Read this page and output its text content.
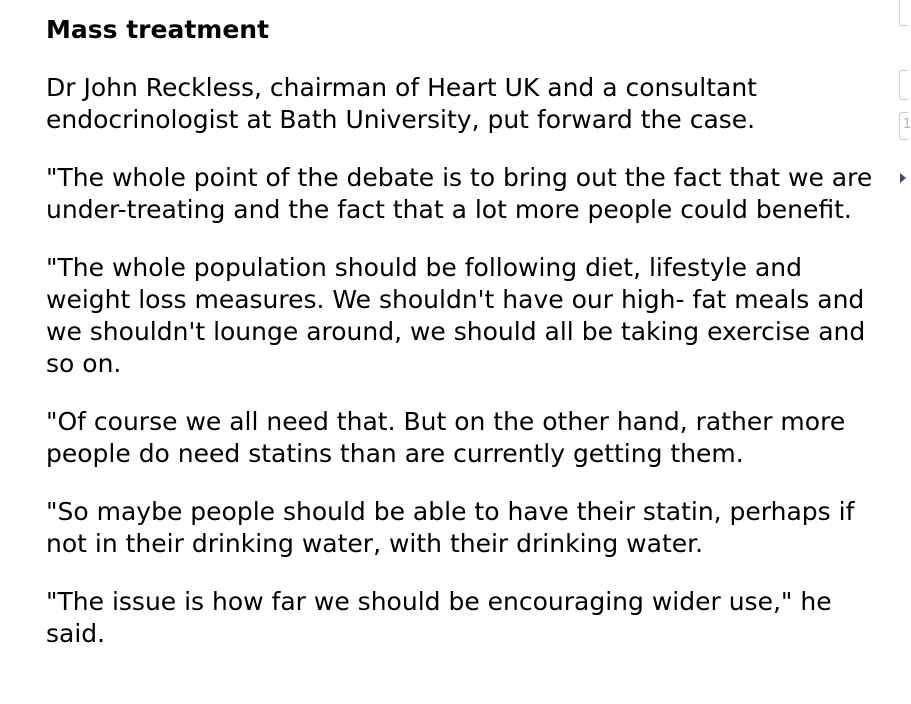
Mass treatment

Dr John Reckless, chairman of Heart UK and a consultant endocrinologist at Bath University, put forward the case.

"The whole point of the debate is to bring out the fact that we are under-treating and the fact that a lot more people could benefit.

"The whole population should be following diet, lifestyle and weight loss measures. We shouldn't have our high- fat meals and we shouldn't lounge around, we should all be taking exercise and so on.

"Of course we all need that. But on the other hand, rather more people do need statins than are currently getting them.

"So maybe people should be able to have their statin, perhaps if not in their drinking water, with their drinking water.

"The issue is how far we should be encouraging wider use," he said.

1
